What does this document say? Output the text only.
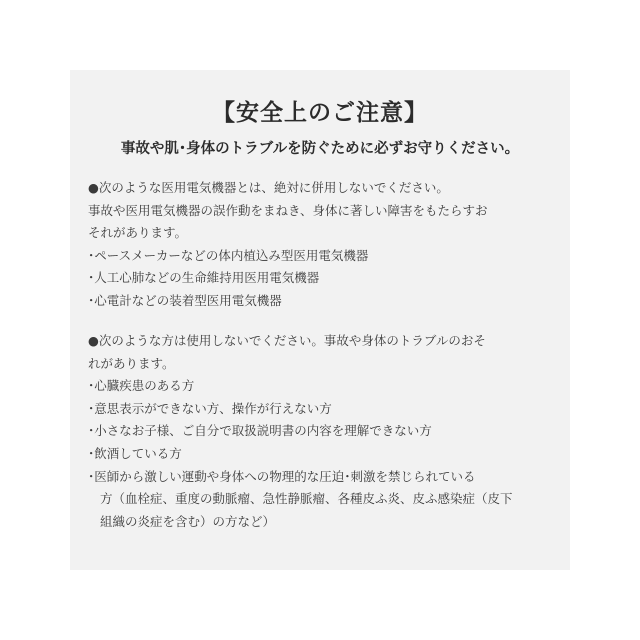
【安全上のご注意】
事故や肌･身体のトラブルを防ぐために必ずお守りください。

●次のような医用電気機器とは、絶対に併用しないでください。

事故や医用電気機器の誤作動をまねき、身体に著しい障害をもたらすお

それがあります。

･ペースメーカーなどの体内植込み型医用電気機器

･人工心肺などの生命維持用医用電気機器

･心電計などの装着型医用電気機器

●次のような方は使用しないでください。事故や身体のトラブルのおそ

れがあります。

･心臓疾患のある方

･意思表示ができない方、操作が行えない方

･小さなお子様、ご自分で取扱説明書の内容を理解できない方

･飲酒している方

･医師から激しい運動や身体への物理的な圧迫･刺激を禁じられている

方（血栓症、重度の動脈瘤、急性静脈瘤、各種皮ふ炎、皮ふ感染症（皮下

組織の炎症を含む）の方など）
